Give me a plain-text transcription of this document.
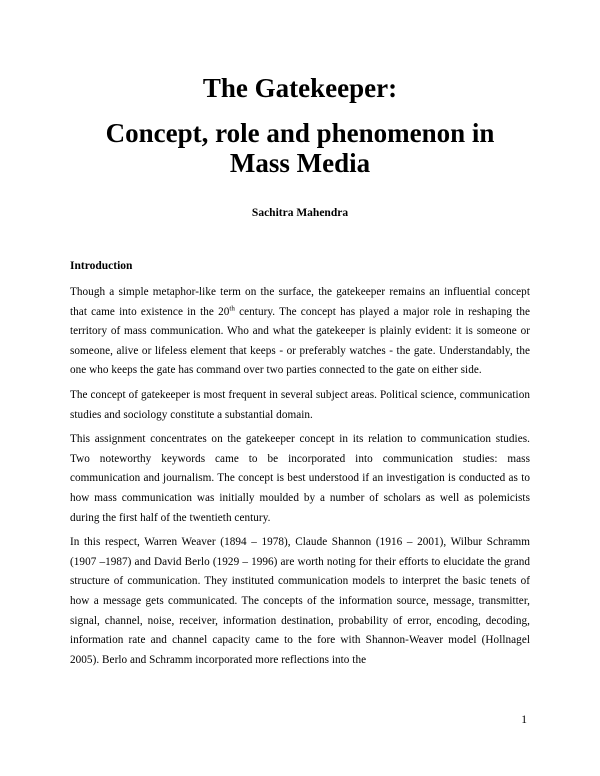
The Gatekeeper:
Concept, role and phenomenon in
Mass Media
Sachitra Mahendra
Introduction

Though a simple metaphor-like term on the surface, the gatekeeper remains an influential concept that came into existence in the 20th century. The concept has played a major role in reshaping the territory of mass communication. Who and what the gatekeeper is plainly evident: it is someone or someone, alive or lifeless element that keeps - or preferably watches - the gate. Understandably, the one who keeps the gate has command over two parties connected to the gate on either side.

The concept of gatekeeper is most frequent in several subject areas. Political science, communication studies and sociology constitute a substantial domain.

This assignment concentrates on the gatekeeper concept in its relation to communication studies. Two noteworthy keywords came to be incorporated into communication studies: mass communication and journalism. The concept is best understood if an investigation is conducted as to how mass communication was initially moulded by a number of scholars as well as polemicists during the first half of the twentieth century.

In this respect, Warren Weaver (1894 – 1978), Claude Shannon (1916 – 2001), Wilbur Schramm (1907 –1987) and David Berlo (1929 – 1996) are worth noting for their efforts to elucidate the grand structure of communication. They instituted communication models to interpret the basic tenets of how a message gets communicated. The concepts of the information source, message, transmitter, signal, channel, noise, receiver, information destination, probability of error, encoding, decoding, information rate and channel capacity came to the fore with Shannon-Weaver model (Hollnagel 2005). Berlo and Schramm incorporated more reflections into the

1
